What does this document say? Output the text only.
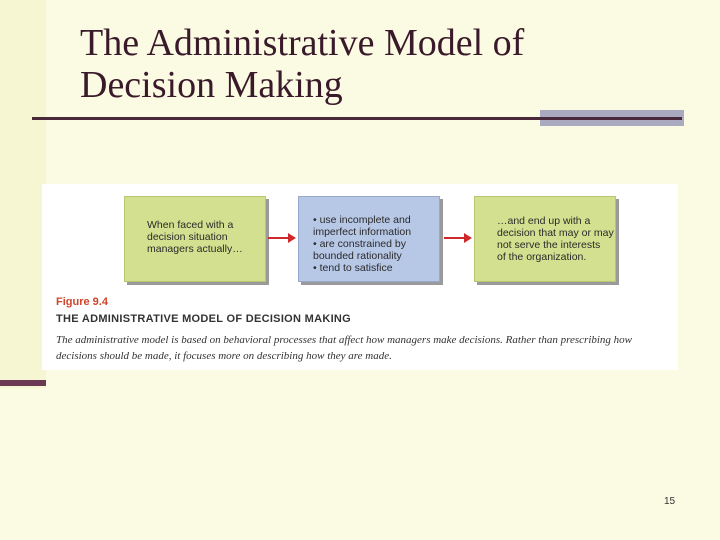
The Administrative Model of
Decision Making
When faced with a
decision situation
managers actually…
• use incomplete and
imperfect information
• are constrained by
bounded rationality
• tend to satisfice
…and end up with a
decision that may or may
not serve the interests
of the organization.
Figure 9.4
THE ADMINISTRATIVE MODEL OF DECISION MAKING
The administrative model is based on behavioral processes that affect how managers make decisions. Rather than prescribing how
decisions should be made, it focuses more on describing how they are made.
15
